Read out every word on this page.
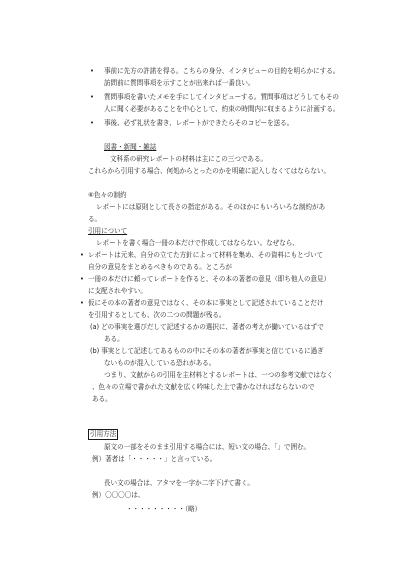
• 事前に先方の許諾を得る。こちらの身分、インタビューの目的を明らかにする。
訪問前に質問事項を示すことが出来れば一番良い。
• 質問事項を書いたメモを手にしてインタビューする。質問事項はどうしてもその
人に聞く必要があることを中心として、約束の時間内に収まるように計画する。
• 事後、必ず礼状を書き、レポートができたらそのコピーを送る。
図書・新聞・雑誌
文科系の研究レポートの材料は主にこの三つである。
これらから引用する場合、何処からとったのかを明確に記入しなくてはならない。
⑥色々の制約
レポートには原則として長さの指定がある。そのほかにもいろいろな制約があ
る。
引用について
レポートを書く場合一冊の本だけで作成してはならない。なぜなら、
• レポートは元来、自分の立てた方針によって材料を集め、その資料にもとづいて
自分の意見をまとめるべきものである。ところが
• 一冊の本だけに頼ってレポートを作ると、その本の著者の意見（即ち他人の意見）
に支配されやすい。
• 仮にその本の著者の意見ではなく、その本に事実として記述されていることだけ
を引用するとしても、次の二つの問題が残る。
(a) どの事実を選びだして記述するかの選択に、著者の考えが働いているはずで
ある。
(b) 事実として記述してあるものの中にその本の著者が事実と信じているに過ぎ
ないものが混入している恐れがある。
つまり、文献からの引用を主材料とするレポートは、一つの参考文献ではなく
、色々の立場で書かれた文献を広く吟味した上で書かなければならないので
ある。
引用方法
原文の一部をそのまま引用する場合には、短い文の場合、「」で囲む。
例）著者は「・・・・・」と言っている。
長い文の場合は、アタマを一字か二字下げて書く。
例）〇〇〇〇は、
・・・・・・・・・（略）
